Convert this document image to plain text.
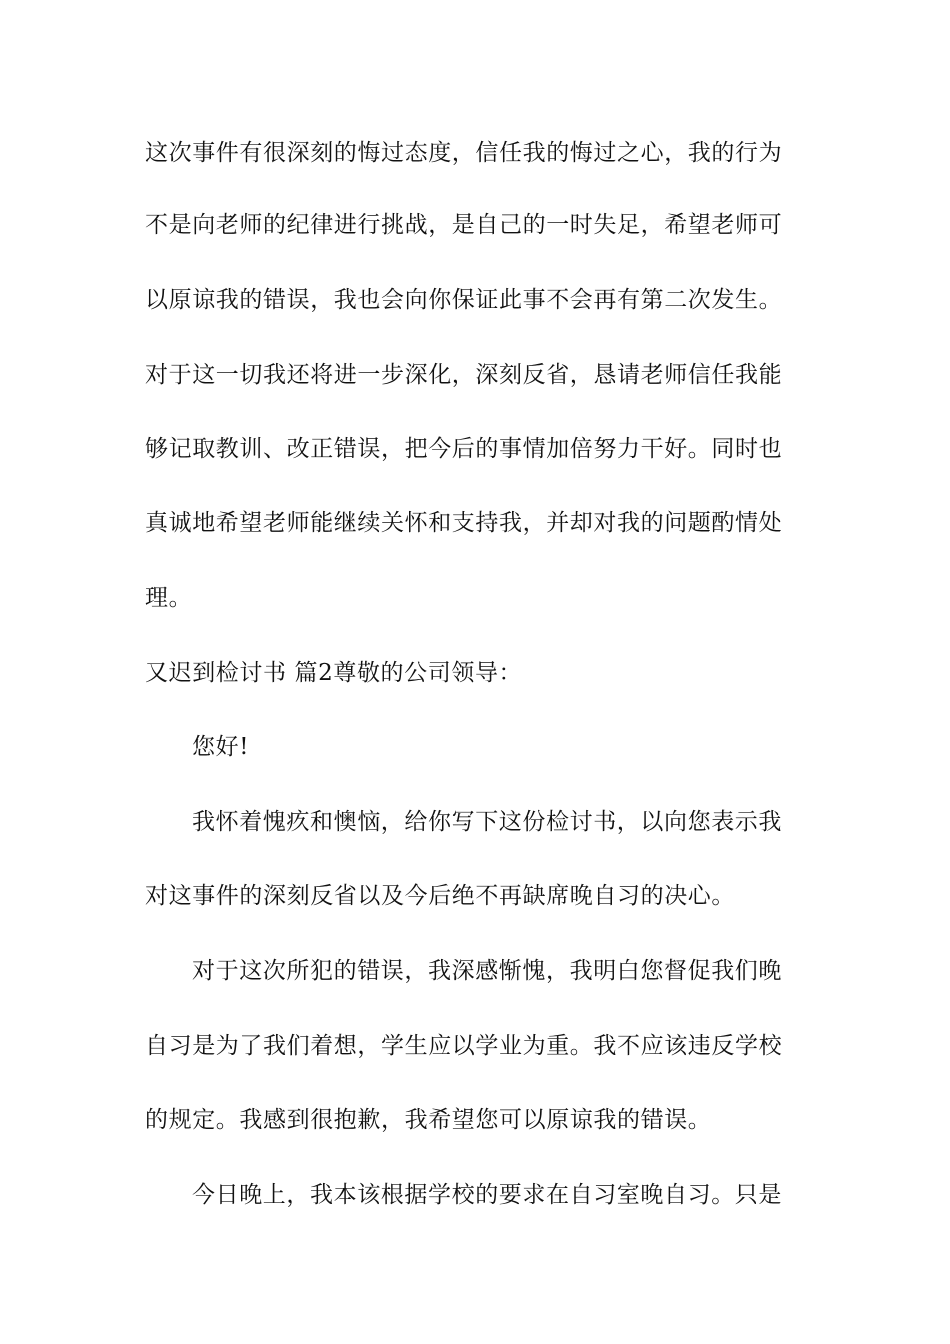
这次事件有很深刻的悔过态度，信任我的悔过之心，我的行为
不是向老师的纪律进行挑战，是自己的一时失足，希望老师可
以原谅我的错误，我也会向你保证此事不会再有第二次发生。
对于这一切我还将进一步深化，深刻反省，恳请老师信任我能
够记取教训、改正错误，把今后的事情加倍努力干好。同时也
真诚地希望老师能继续关怀和支持我，并却对我的问题酌情处
理。
又迟到检讨书 篇2尊敬的公司领导：
您好!
我怀着愧疚和懊恼，给你写下这份检讨书，以向您表示我
对这事件的深刻反省以及今后绝不再缺席晚自习的决心。
对于这次所犯的错误，我深感惭愧，我明白您督促我们晚
自习是为了我们着想，学生应以学业为重。我不应该违反学校
的规定。我感到很抱歉，我希望您可以原谅我的错误。
今日晚上，我本该根据学校的要求在自习室晚自习。只是
